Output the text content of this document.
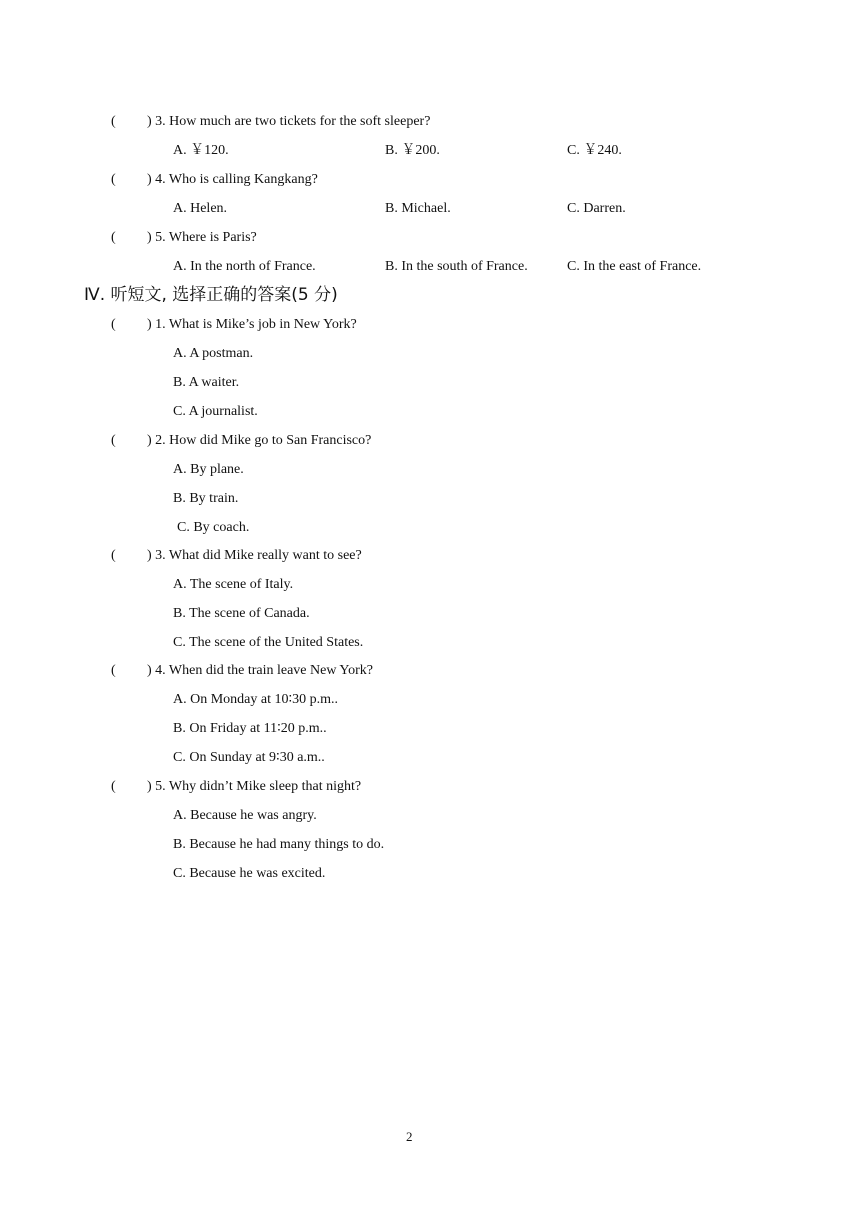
( ) 3. How much are two tickets for the soft sleeper?
A. ￥120.	B. ￥200.	C. ￥240.
( ) 4. Who is calling Kangkang?
A. Helen.	B. Michael.	C. Darren.
( ) 5. Where is Paris?
A. In the north of France.	B. In the south of France.	C. In the east of France.
Ⅳ. 听短文, 选择正确的答案(5 分)
( ) 1. What is Mike’s job in New York?
A. A postman.
B. A waiter.
C. A journalist.
( ) 2. How did Mike go to San Francisco?
A. By plane.
B. By train.
C. By coach.
( ) 3. What did Mike really want to see?
A. The scene of Italy.
B. The scene of Canada.
C. The scene of the United States.
( ) 4. When did the train leave New York?
A. On Monday at 10∶30 p.m..
B. On Friday at 11∶20 p.m..
C. On Sunday at 9∶30 a.m..
( ) 5. Why didn’t Mike sleep that night?
A. Because he was angry.
B. Because he had many things to do.
C. Because he was excited.
2
